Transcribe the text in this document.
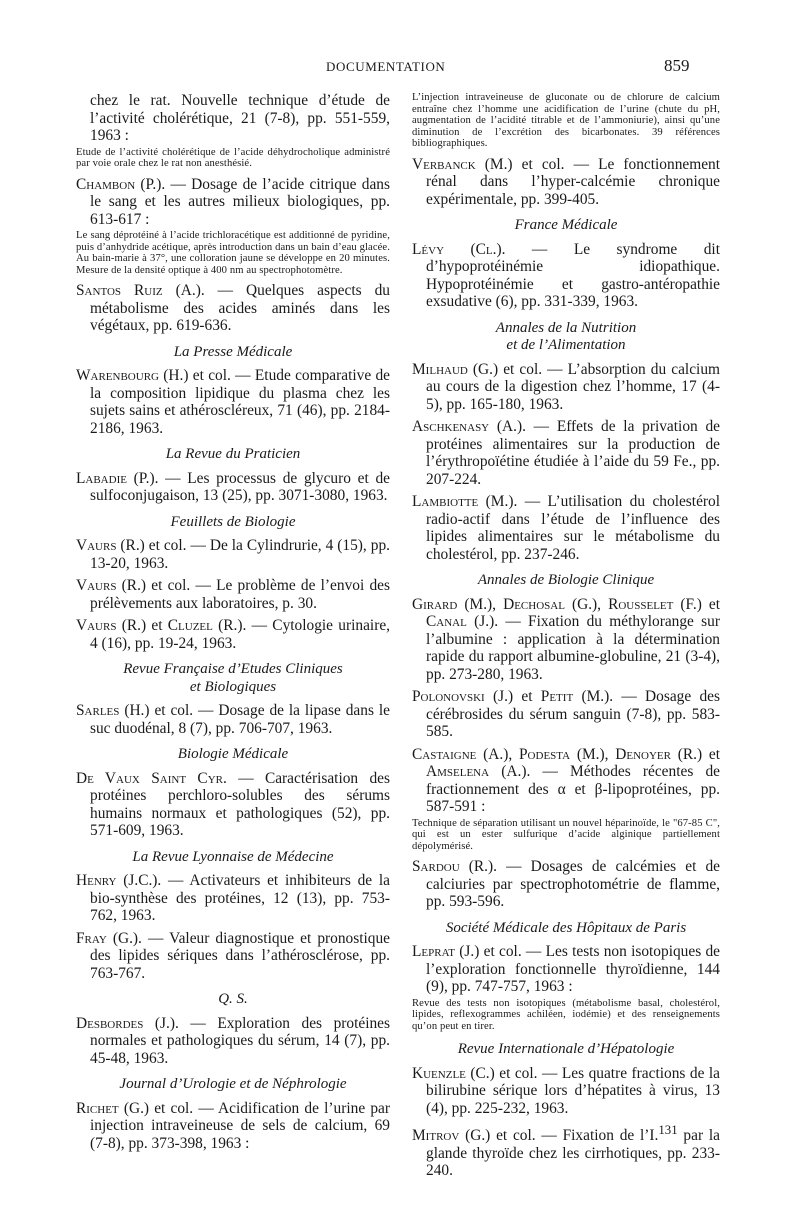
DOCUMENTATION	859

chez le rat. Nouvelle technique d’étude de l’activité cholérétique, 21 (7-8), pp. 551-559, 1963 :

Etude de l’activité cholérétique de l’acide déhydrocholique administré par voie orale chez le rat non anesthésié.

Chambon (P.). — Dosage de l’acide citrique dans le sang et les autres milieux biologiques, pp. 613-617 :

Le sang déprotéiné à l’acide trichloracétique est additionné de pyridine, puis d’anhydride acétique, après introduction dans un bain d’eau glacée. Au bain-marie à 37°, une colloration jaune se développe en 20 minutes. Mesure de la densité optique à 400 nm au spectrophotomètre.

Santos Ruiz (A.). — Quelques aspects du métabolisme des acides aminés dans les végétaux, pp. 619-636.

La Presse Médicale

Warenbourg (H.) et col. — Etude comparative de la composition lipidique du plasma chez les sujets sains et athéroscléreux, 71 (46), pp. 2184-2186, 1963.

La Revue du Praticien

Labadie (P.). — Les processus de glycuro et de sulfoconjugaison, 13 (25), pp. 3071-3080, 1963.

Feuillets de Biologie

Vaurs (R.) et col. — De la Cylindrurie, 4 (15), pp. 13-20, 1963.

Vaurs (R.) et col. — Le problème de l’envoi des prélèvements aux laboratoires, p. 30.

Vaurs (R.) et Cluzel (R.). — Cytologie urinaire, 4 (16), pp. 19-24, 1963.

Revue Française d’Etudes Cliniques
et Biologiques

Sarles (H.) et col. — Dosage de la lipase dans le suc duodénal, 8 (7), pp. 706-707, 1963.

Biologie Médicale

De Vaux Saint Cyr. — Caractérisation des protéines perchloro-solubles des sérums humains normaux et pathologiques (52), pp. 571-609, 1963.

La Revue Lyonnaise de Médecine

Henry (J.C.). — Activateurs et inhibiteurs de la bio-synthèse des protéines, 12 (13), pp. 753-762, 1963.

Fray (G.). — Valeur diagnostique et pronostique des lipides sériques dans l’athérosclérose, pp. 763-767.

Q. S.

Desbordes (J.). — Exploration des protéines normales et pathologiques du sérum, 14 (7), pp. 45-48, 1963.

Journal d’Urologie et de Néphrologie

Richet (G.) et col. — Acidification de l’urine par injection intraveineuse de sels de calcium, 69 (7-8), pp. 373-398, 1963 :

L’injection intraveineuse de gluconate ou de chlorure de calcium entraîne chez l’homme une acidification de l’urine (chute du pH, augmentation de l’acidité titrable et de l’ammoniurie), ainsi qu’une diminution de l’excrétion des bicarbonates. 39 références bibliographiques.

Verbanck (M.) et col. — Le fonctionnement rénal dans l’hyper-calcémie chronique expérimentale, pp. 399-405.

France Médicale

Lévy (Cl.). — Le syndrome dit d’hypoprotéinémie idiopathique. Hypoprotéinémie et gastro-antéropathie exsudative (6), pp. 331-339, 1963.

Annales de la Nutrition
et de l’Alimentation

Milhaud (G.) et col. — L’absorption du calcium au cours de la digestion chez l’homme, 17 (4-5), pp. 165-180, 1963.

Aschkenasy (A.). — Effets de la privation de protéines alimentaires sur la production de l’érythropoïétine étudiée à l’aide du 59 Fe., pp. 207-224.

Lambiotte (M.). — L’utilisation du cholestérol radio-actif dans l’étude de l’influence des lipides alimentaires sur le métabolisme du cholestérol, pp. 237-246.

Annales de Biologie Clinique

Girard (M.), Dechosal (G.), Rousselet (F.) et Canal (J.). — Fixation du méthylorange sur l’albumine : application à la détermination rapide du rapport albumine-globuline, 21 (3-4), pp. 273-280, 1963.

Polonovski (J.) et Petit (M.). — Dosage des cérébrosides du sérum sanguin (7-8), pp. 583-585.

Castaigne (A.), Podesta (M.), Denoyer (R.) et Amselena (A.). — Méthodes récentes de fractionnement des α et β-lipoprotéines, pp. 587-591 :

Technique de séparation utilisant un nouvel héparinoïde, le "67-85 C", qui est un ester sulfurique d’acide alginique partiellement dépolymérisé.

Sardou (R.). — Dosages de calcémies et de calciuries par spectrophotométrie de flamme, pp. 593-596.

Société Médicale des Hôpitaux de Paris

Leprat (J.) et col. — Les tests non isotopiques de l’exploration fonctionnelle thyroïdienne, 144 (9), pp. 747-757, 1963 :

Revue des tests non isotopiques (métabolisme basal, cholestérol, lipides, reflexogrammes achiléen, iodémie) et des renseignements qu’on peut en tirer.

Revue Internationale d’Hépatologie

Kuenzle (C.) et col. — Les quatre fractions de la bilirubine sérique lors d’hépatites à virus, 13 (4), pp. 225-232, 1963.

Mitrov (G.) et col. — Fixation de l’I.$^{131}$ par la glande thyroïde chez les cirrhotiques, pp. 233-240.
